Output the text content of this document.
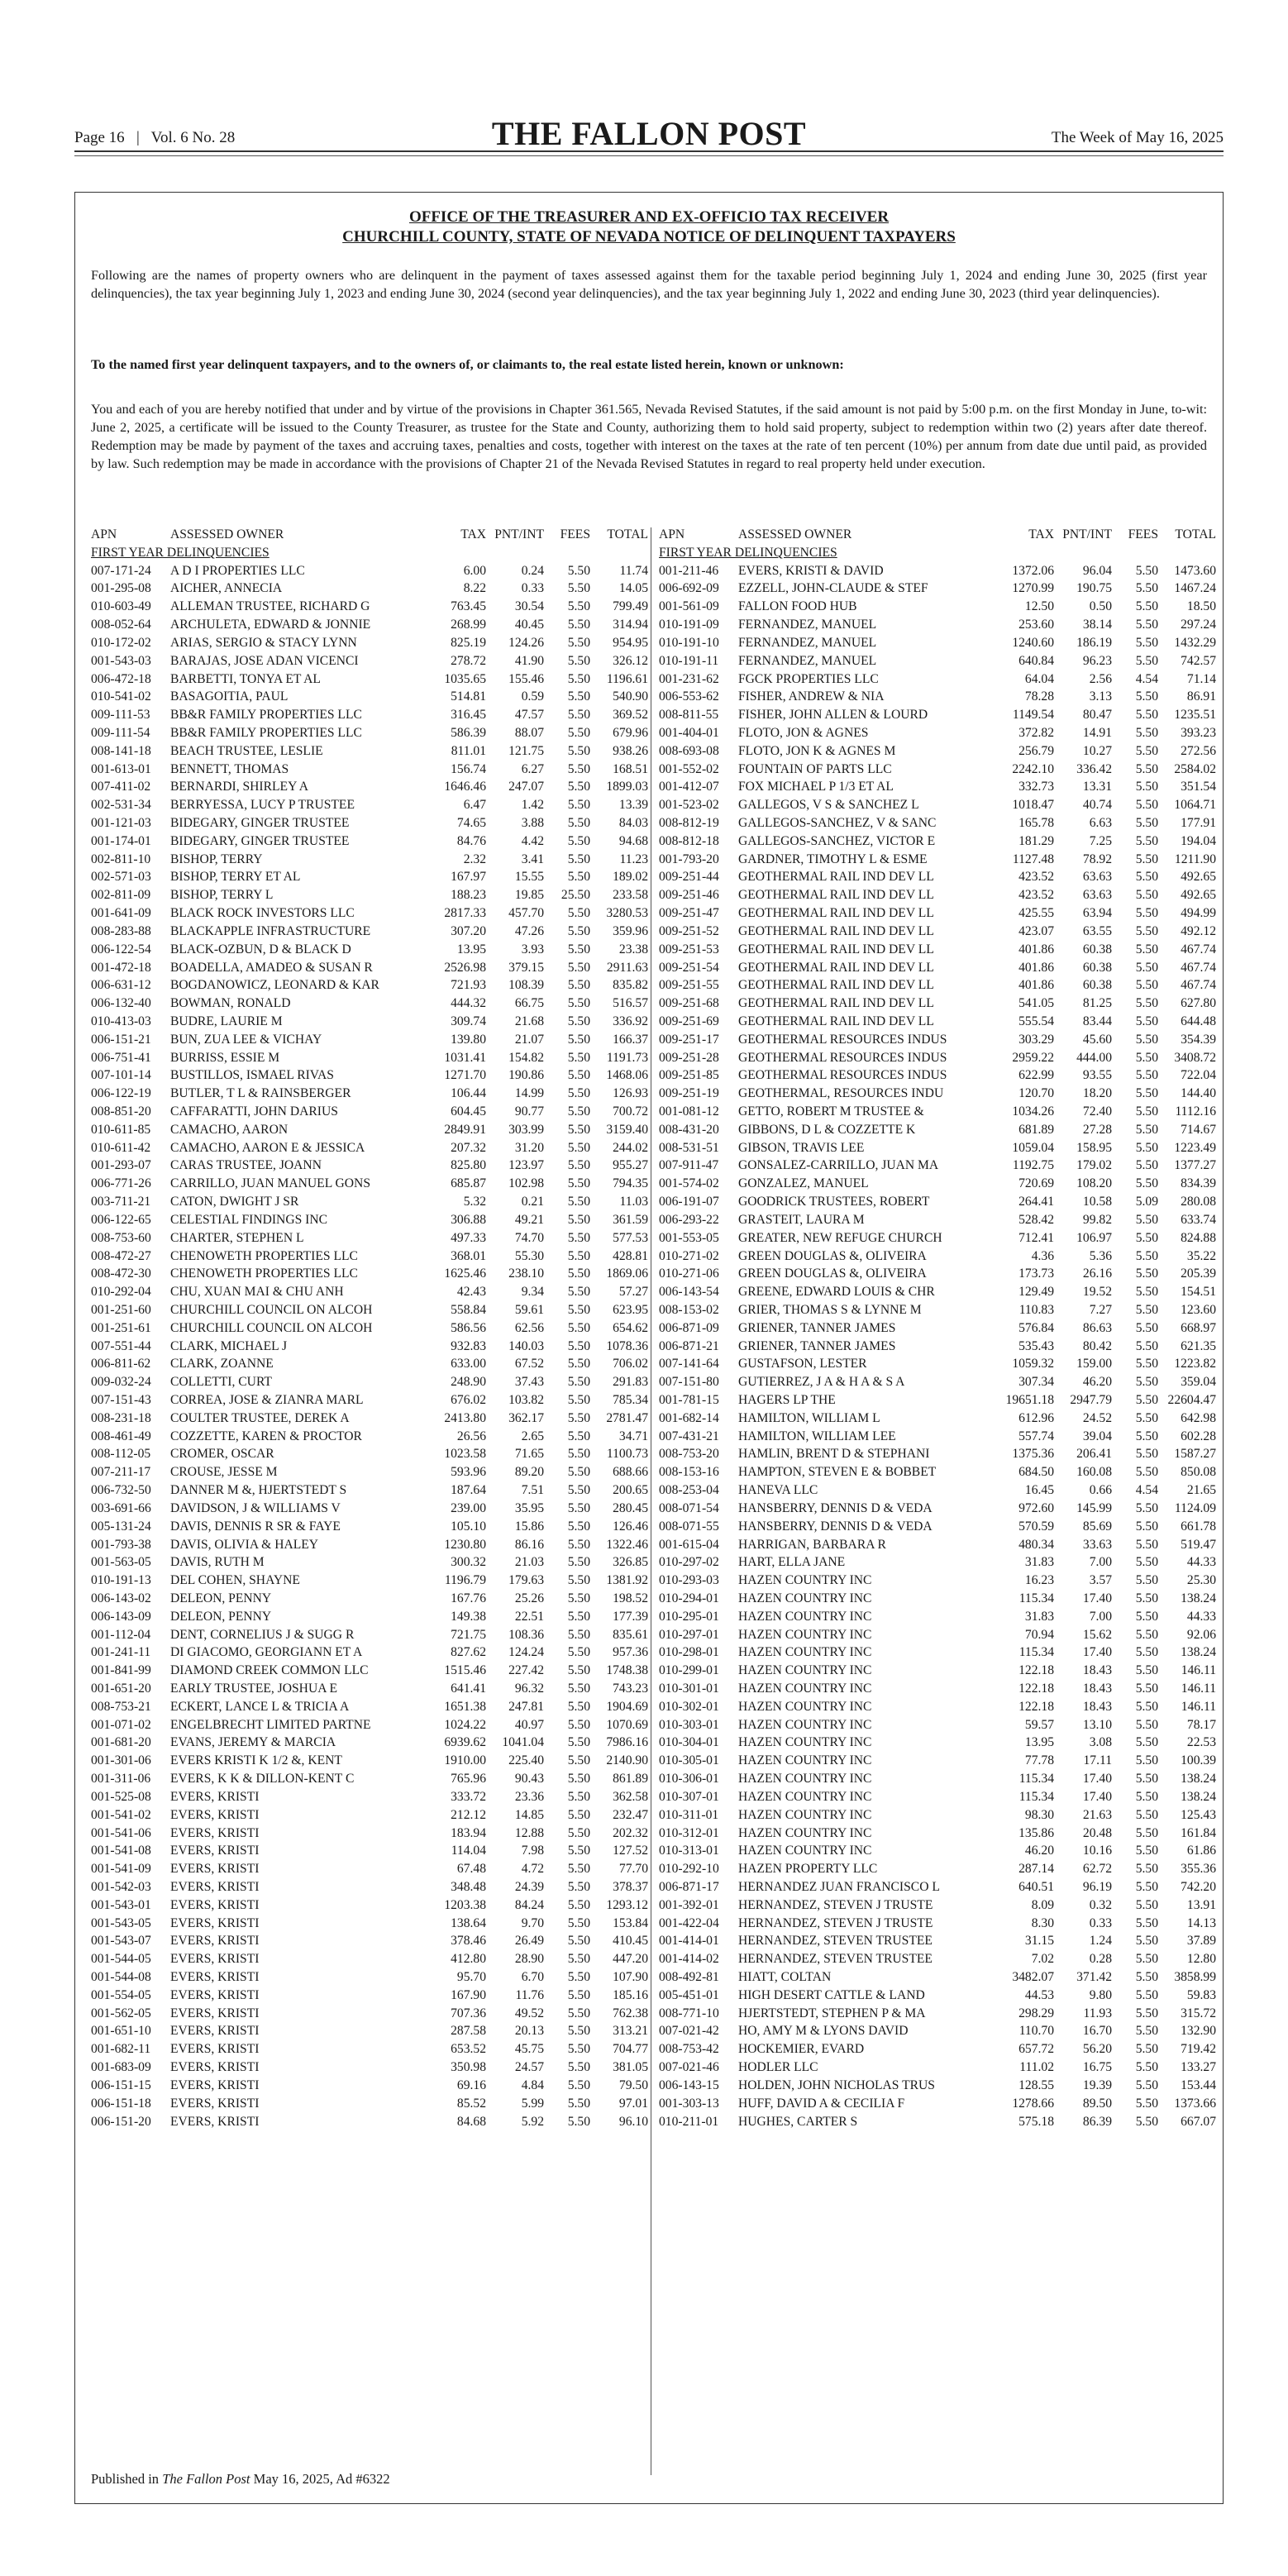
Page 16 | Vol. 6 No. 28	THE FALLON POST	The Week of May 16, 2025
OFFICE OF THE TREASURER AND EX-OFFICIO TAX RECEIVER
CHURCHILL COUNTY, STATE OF NEVADA NOTICE OF DELINQUENT TAXPAYERS
Following are the names of property owners who are delinquent in the payment of taxes assessed against them for the taxable period beginning July 1, 2024 and ending June 30, 2025 (first year delinquencies), the tax year beginning July 1, 2023 and ending June 30, 2024 (second year delinquencies), and the tax year beginning July 1, 2022 and ending June 30, 2023 (third year delinquencies).
To the named first year delinquent taxpayers, and to the owners of, or claimants to, the real estate listed herein, known or unknown:
You and each of you are hereby notified that under and by virtue of the provisions in Chapter 361.565, Nevada Revised Statutes, if the said amount is not paid by 5:00 p.m. on the first Monday in June, to-wit: June 2, 2025, a certificate will be issued to the County Treasurer, as trustee for the State and County, authorizing them to hold said property, subject to redemption within two (2) years after date thereof. Redemption may be made by payment of the taxes and accruing taxes, penalties and costs, together with interest on the taxes at the rate of ten percent (10%) per annum from date due until paid, as provided by law. Such redemption may be made in accordance with the provisions of Chapter 21 of the Nevada Revised Statutes in regard to real property held under execution.
APN	ASSESSED OWNER	TAX PNT/INT	FEES	TOTAL
FIRST YEAR DELINQUENCIES
007-171-24	A D I PROPERTIES LLC	6.00	0.24	5.50	11.74
001-295-08	AICHER, ANNECIA	8.22	0.33	5.50	14.05
010-603-49	ALLEMAN TRUSTEE, RICHARD G	763.45	30.54	5.50	799.49
008-052-64	ARCHULETA, EDWARD & JONNIE	268.99	40.45	5.50	314.94
010-172-02	ARIAS, SERGIO & STACY LYNN	825.19	124.26	5.50	954.95
001-543-03	BARAJAS, JOSE ADAN VICENCI	278.72	41.90	5.50	326.12
006-472-18	BARBETTI, TONYA ET AL	1035.65	155.46	5.50	1196.61
010-541-02	BASAGOITIA, PAUL	514.81	0.59	5.50	540.90
009-111-53	BB&R FAMILY PROPERTIES LLC	316.45	47.57	5.50	369.52
009-111-54	BB&R FAMILY PROPERTIES LLC	586.39	88.07	5.50	679.96
008-141-18	BEACH TRUSTEE, LESLIE	811.01	121.75	5.50	938.26
001-613-01	BENNETT, THOMAS	156.74	6.27	5.50	168.51
007-411-02	BERNARDI, SHIRLEY A	1646.46	247.07	5.50	1899.03
002-531-34	BERRYESSA, LUCY P TRUSTEE	6.47	1.42	5.50	13.39
001-121-03	BIDEGARY, GINGER TRUSTEE	74.65	3.88	5.50	84.03
001-174-01	BIDEGARY, GINGER TRUSTEE	84.76	4.42	5.50	94.68
002-811-10	BISHOP, TERRY	2.32	3.41	5.50	11.23
002-571-03	BISHOP, TERRY ET AL	167.97	15.55	5.50	189.02
002-811-09	BISHOP, TERRY L	188.23	19.85	25.50	233.58
001-641-09	BLACK ROCK INVESTORS LLC	2817.33	457.70	5.50	3280.53
008-283-88	BLACKAPPLE INFRASTRUCTURE	307.20	47.26	5.50	359.96
006-122-54	BLACK-OZBUN, D & BLACK D	13.95	3.93	5.50	23.38
001-472-18	BOADELLA, AMADEO & SUSAN R	2526.98	379.15	5.50	2911.63
006-631-12	BOGDANOWICZ, LEONARD & KAR	721.93	108.39	5.50	835.82
006-132-40	BOWMAN, RONALD	444.32	66.75	5.50	516.57
010-413-03	BUDRE, LAURIE M	309.74	21.68	5.50	336.92
006-151-21	BUN, ZUA LEE & VICHAY	139.80	21.07	5.50	166.37
006-751-41	BURRISS, ESSIE M	1031.41	154.82	5.50	1191.73
007-101-14	BUSTILLOS, ISMAEL RIVAS	1271.70	190.86	5.50	1468.06
006-122-19	BUTLER, T L & RAINSBERGER	106.44	14.99	5.50	126.93
008-851-20	CAFFARATTI, JOHN DARIUS	604.45	90.77	5.50	700.72
010-611-85	CAMACHO, AARON	2849.91	303.99	5.50	3159.40
010-611-42	CAMACHO, AARON E & JESSICA	207.32	31.20	5.50	244.02
001-293-07	CARAS TRUSTEE, JOANN	825.80	123.97	5.50	955.27
006-771-26	CARRILLO, JUAN MANUEL GONS	685.87	102.98	5.50	794.35
003-711-21	CATON, DWIGHT J SR	5.32	0.21	5.50	11.03
006-122-65	CELESTIAL FINDINGS INC	306.88	49.21	5.50	361.59
008-753-60	CHARTER, STEPHEN L	497.33	74.70	5.50	577.53
008-472-27	CHENOWETH PROPERTIES LLC	368.01	55.30	5.50	428.81
008-472-30	CHENOWETH PROPERTIES LLC	1625.46	238.10	5.50	1869.06
010-292-04	CHU, XUAN MAI & CHU ANH	42.43	9.34	5.50	57.27
001-251-60	CHURCHILL COUNCIL ON ALCOH	558.84	59.61	5.50	623.95
001-251-61	CHURCHILL COUNCIL ON ALCOH	586.56	62.56	5.50	654.62
007-551-44	CLARK, MICHAEL J	932.83	140.03	5.50	1078.36
006-811-62	CLARK, ZOANNE	633.00	67.52	5.50	706.02
009-032-24	COLLETTI, CURT	248.90	37.43	5.50	291.83
007-151-43	CORREA, JOSE & ZIANRA MARL	676.02	103.82	5.50	785.34
008-231-18	COULTER TRUSTEE, DEREK A	2413.80	362.17	5.50	2781.47
008-461-49	COZZETTE, KAREN & PROCTOR	26.56	2.65	5.50	34.71
008-112-05	CROMER, OSCAR	1023.58	71.65	5.50	1100.73
007-211-17	CROUSE, JESSE M	593.96	89.20	5.50	688.66
006-732-50	DANNER M &, HJERTSTEDT S	187.64	7.51	5.50	200.65
003-691-66	DAVIDSON, J & WILLIAMS V	239.00	35.95	5.50	280.45
005-131-24	DAVIS, DENNIS R SR & FAYE	105.10	15.86	5.50	126.46
001-793-38	DAVIS, OLIVIA & HALEY	1230.80	86.16	5.50	1322.46
001-563-05	DAVIS, RUTH M	300.32	21.03	5.50	326.85
010-191-13	DEL COHEN, SHAYNE	1196.79	179.63	5.50	1381.92
006-143-02	DELEON, PENNY	167.76	25.26	5.50	198.52
006-143-09	DELEON, PENNY	149.38	22.51	5.50	177.39
001-112-04	DENT, CORNELIUS J & SUGG R	721.75	108.36	5.50	835.61
001-241-11	DI GIACOMO, GEORGIANN ET A	827.62	124.24	5.50	957.36
001-841-99	DIAMOND CREEK COMMON LLC	1515.46	227.42	5.50	1748.38
001-651-20	EARLY TRUSTEE, JOSHUA E	641.41	96.32	5.50	743.23
008-753-21	ECKERT, LANCE L & TRICIA A	1651.38	247.81	5.50	1904.69
001-071-02	ENGELBRECHT LIMITED PARTNE	1024.22	40.97	5.50	1070.69
001-681-20	EVANS, JEREMY & MARCIA	6939.62	1041.04	5.50	7986.16
001-301-06	EVERS KRISTI K 1/2 &, KENT	1910.00	225.40	5.50	2140.90
001-311-06	EVERS, K K & DILLON-KENT C	765.96	90.43	5.50	861.89
001-525-08	EVERS, KRISTI	333.72	23.36	5.50	362.58
001-541-02	EVERS, KRISTI	212.12	14.85	5.50	232.47
001-541-06	EVERS, KRISTI	183.94	12.88	5.50	202.32
001-541-08	EVERS, KRISTI	114.04	7.98	5.50	127.52
001-541-09	EVERS, KRISTI	67.48	4.72	5.50	77.70
001-542-03	EVERS, KRISTI	348.48	24.39	5.50	378.37
001-543-01	EVERS, KRISTI	1203.38	84.24	5.50	1293.12
001-543-05	EVERS, KRISTI	138.64	9.70	5.50	153.84
001-543-07	EVERS, KRISTI	378.46	26.49	5.50	410.45
001-544-05	EVERS, KRISTI	412.80	28.90	5.50	447.20
001-544-08	EVERS, KRISTI	95.70	6.70	5.50	107.90
001-554-05	EVERS, KRISTI	167.90	11.76	5.50	185.16
001-562-05	EVERS, KRISTI	707.36	49.52	5.50	762.38
001-651-10	EVERS, KRISTI	287.58	20.13	5.50	313.21
001-682-11	EVERS, KRISTI	653.52	45.75	5.50	704.77
001-683-09	EVERS, KRISTI	350.98	24.57	5.50	381.05
006-151-15	EVERS, KRISTI	69.16	4.84	5.50	79.50
006-151-18	EVERS, KRISTI	85.52	5.99	5.50	97.01
006-151-20	EVERS, KRISTI	84.68	5.92	5.50	96.10
APN	ASSESSED OWNER	TAX PNT/INT	FEES	TOTAL
FIRST YEAR DELINQUENCIES
001-211-46	EVERS, KRISTI & DAVID	1372.06	96.04	5.50	1473.60
006-692-09	EZZELL, JOHN-CLAUDE & STEF	1270.99	190.75	5.50	1467.24
001-561-09	FALLON FOOD HUB	12.50	0.50	5.50	18.50
010-191-09	FERNANDEZ, MANUEL	253.60	38.14	5.50	297.24
010-191-10	FERNANDEZ, MANUEL	1240.60	186.19	5.50	1432.29
010-191-11	FERNANDEZ, MANUEL	640.84	96.23	5.50	742.57
001-231-62	FGCK PROPERTIES LLC	64.04	2.56	4.54	71.14
006-553-62	FISHER, ANDREW & NIA	78.28	3.13	5.50	86.91
008-811-55	FISHER, JOHN ALLEN & LOURD	1149.54	80.47	5.50	1235.51
001-404-01	FLOTO, JON & AGNES	372.82	14.91	5.50	393.23
008-693-08	FLOTO, JON K & AGNES M	256.79	10.27	5.50	272.56
001-552-02	FOUNTAIN OF PARTS LLC	2242.10	336.42	5.50	2584.02
001-412-07	FOX MICHAEL P 1/3 ET AL	332.73	13.31	5.50	351.54
001-523-02	GALLEGOS, V S & SANCHEZ L	1018.47	40.74	5.50	1064.71
008-812-19	GALLEGOS-SANCHEZ, V & SANC	165.78	6.63	5.50	177.91
008-812-18	GALLEGOS-SANCHEZ, VICTOR E	181.29	7.25	5.50	194.04
001-793-20	GARDNER, TIMOTHY L & ESME	1127.48	78.92	5.50	1211.90
009-251-44	GEOTHERMAL RAIL IND DEV LL	423.52	63.63	5.50	492.65
009-251-46	GEOTHERMAL RAIL IND DEV LL	423.52	63.63	5.50	492.65
009-251-47	GEOTHERMAL RAIL IND DEV LL	425.55	63.94	5.50	494.99
009-251-52	GEOTHERMAL RAIL IND DEV LL	423.07	63.55	5.50	492.12
009-251-53	GEOTHERMAL RAIL IND DEV LL	401.86	60.38	5.50	467.74
009-251-54	GEOTHERMAL RAIL IND DEV LL	401.86	60.38	5.50	467.74
009-251-55	GEOTHERMAL RAIL IND DEV LL	401.86	60.38	5.50	467.74
009-251-68	GEOTHERMAL RAIL IND DEV LL	541.05	81.25	5.50	627.80
009-251-69	GEOTHERMAL RAIL IND DEV LL	555.54	83.44	5.50	644.48
009-251-17	GEOTHERMAL RESOURCES INDUS	303.29	45.60	5.50	354.39
009-251-28	GEOTHERMAL RESOURCES INDUS	2959.22	444.00	5.50	3408.72
009-251-85	GEOTHERMAL RESOURCES INDUS	622.99	93.55	5.50	722.04
009-251-19	GEOTHERMAL, RESOURCES INDU	120.70	18.20	5.50	144.40
001-081-12	GETTO, ROBERT M TRUSTEE &	1034.26	72.40	5.50	1112.16
008-431-20	GIBBONS, D L & COZZETTE K	681.89	27.28	5.50	714.67
008-531-51	GIBSON, TRAVIS LEE	1059.04	158.95	5.50	1223.49
007-911-47	GONSALEZ-CARRILLO, JUAN MA	1192.75	179.02	5.50	1377.27
001-574-02	GONZALEZ, MANUEL	720.69	108.20	5.50	834.39
006-191-07	GOODRICK TRUSTEES, ROBERT	264.41	10.58	5.09	280.08
006-293-22	GRASTEIT, LAURA M	528.42	99.82	5.50	633.74
001-553-05	GREATER, NEW REFUGE CHURCH	712.41	106.97	5.50	824.88
010-271-02	GREEN DOUGLAS &, OLIVEIRA	4.36	5.36	5.50	35.22
010-271-06	GREEN DOUGLAS &, OLIVEIRA	173.73	26.16	5.50	205.39
006-143-54	GREENE, EDWARD LOUIS & CHR	129.49	19.52	5.50	154.51
008-153-02	GRIER, THOMAS S & LYNNE M	110.83	7.27	5.50	123.60
006-871-09	GRIENER, TANNER JAMES	576.84	86.63	5.50	668.97
006-871-21	GRIENER, TANNER JAMES	535.43	80.42	5.50	621.35
007-141-64	GUSTAFSON, LESTER	1059.32	159.00	5.50	1223.82
007-151-80	GUTIERREZ, J A & H A & S A	307.34	46.20	5.50	359.04
001-781-15	HAGERS LP THE	19651.18	2947.79	5.50 22604.47
001-682-14	HAMILTON, WILLIAM L	612.96	24.52	5.50	642.98
007-431-21	HAMILTON, WILLIAM LEE	557.74	39.04	5.50	602.28
008-753-20	HAMLIN, BRENT D & STEPHANI	1375.36	206.41	5.50	1587.27
008-153-16	HAMPTON, STEVEN E & BOBBET	684.50	160.08	5.50	850.08
008-253-04	HANEVA LLC	16.45	0.66	4.54	21.65
008-071-54	HANSBERRY, DENNIS D & VEDA	972.60	145.99	5.50	1124.09
008-071-55	HANSBERRY, DENNIS D & VEDA	570.59	85.69	5.50	661.78
001-615-04	HARRIGAN, BARBARA R	480.34	33.63	5.50	519.47
010-297-02	HART, ELLA JANE	31.83	7.00	5.50	44.33
010-293-03	HAZEN COUNTRY INC	16.23	3.57	5.50	25.30
010-294-01	HAZEN COUNTRY INC	115.34	17.40	5.50	138.24
010-295-01	HAZEN COUNTRY INC	31.83	7.00	5.50	44.33
010-297-01	HAZEN COUNTRY INC	70.94	15.62	5.50	92.06
010-298-01	HAZEN COUNTRY INC	115.34	17.40	5.50	138.24
010-299-01	HAZEN COUNTRY INC	122.18	18.43	5.50	146.11
010-301-01	HAZEN COUNTRY INC	122.18	18.43	5.50	146.11
010-302-01	HAZEN COUNTRY INC	122.18	18.43	5.50	146.11
010-303-01	HAZEN COUNTRY INC	59.57	13.10	5.50	78.17
010-304-01	HAZEN COUNTRY INC	13.95	3.08	5.50	22.53
010-305-01	HAZEN COUNTRY INC	77.78	17.11	5.50	100.39
010-306-01	HAZEN COUNTRY INC	115.34	17.40	5.50	138.24
010-307-01	HAZEN COUNTRY INC	115.34	17.40	5.50	138.24
010-311-01	HAZEN COUNTRY INC	98.30	21.63	5.50	125.43
010-312-01	HAZEN COUNTRY INC	135.86	20.48	5.50	161.84
010-313-01	HAZEN COUNTRY INC	46.20	10.16	5.50	61.86
010-292-10	HAZEN PROPERTY LLC	287.14	62.72	5.50	355.36
006-871-17	HERNANDEZ JUAN FRANCISCO L	640.51	96.19	5.50	742.20
001-392-01	HERNANDEZ, STEVEN J TRUSTE	8.09	0.32	5.50	13.91
001-422-04	HERNANDEZ, STEVEN J TRUSTE	8.30	0.33	5.50	14.13
001-414-01	HERNANDEZ, STEVEN TRUSTEE	31.15	1.24	5.50	37.89
001-414-02	HERNANDEZ, STEVEN TRUSTEE	7.02	0.28	5.50	12.80
008-492-81	HIATT, COLTAN	3482.07	371.42	5.50	3858.99
005-451-01	HIGH DESERT CATTLE & LAND	44.53	9.80	5.50	59.83
008-771-10	HJERTSTEDT, STEPHEN P & MA	298.29	11.93	5.50	315.72
007-021-42	HO, AMY M & LYONS DAVID	110.70	16.70	5.50	132.90
008-753-42	HOCKEMIER, EVARD	657.72	56.20	5.50	719.42
007-021-46	HODLER LLC	111.02	16.75	5.50	133.27
006-143-15	HOLDEN, JOHN NICHOLAS TRUS	128.55	19.39	5.50	153.44
001-303-13	HUFF, DAVID A & CECILIA F	1278.66	89.50	5.50	1373.66
010-211-01	HUGHES, CARTER S	575.18	86.39	5.50	667.07
Published in The Fallon Post May 16, 2025, Ad #6322
